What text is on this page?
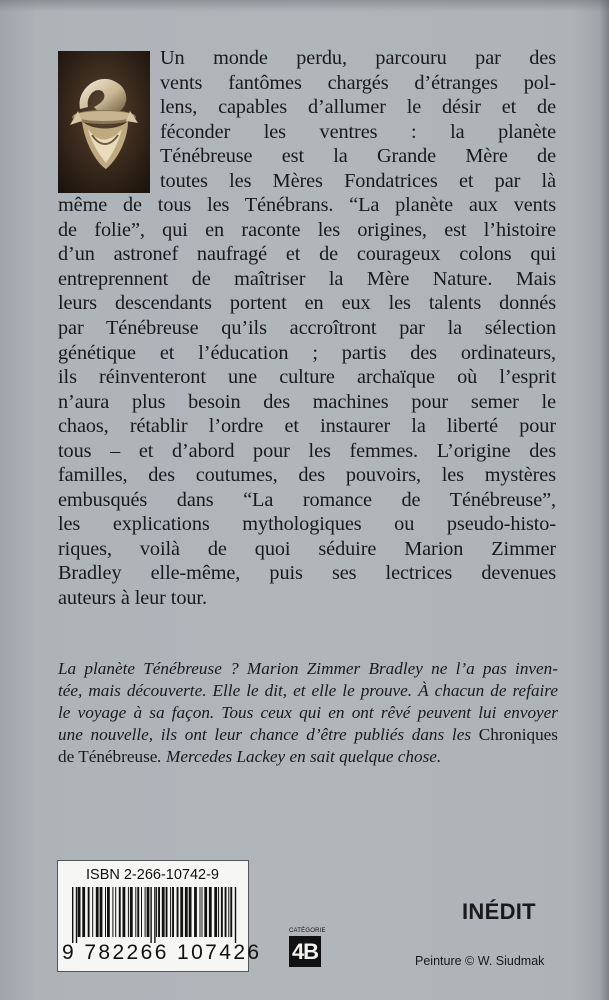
Un monde perdu, parcouru par des
vents fantômes chargés d’étranges pol-
lens, capables d’allumer le désir et de
féconder les ventres : la planète
Ténébreuse est la Grande Mère de
toutes les Mères Fondatrices et par là
même de tous les Ténébrans. “La planète aux vents
de folie”, qui en raconte les origines, est l’histoire
d’un astronef naufragé et de courageux colons qui
entreprennent de maîtriser la Mère Nature. Mais
leurs descendants portent en eux les talents donnés
par Ténébreuse qu’ils accroîtront par la sélection
génétique et l’éducation ; partis des ordinateurs,
ils réinventeront une culture archaïque où l’esprit
n’aura plus besoin des machines pour semer le
chaos, rétablir l’ordre et instaurer la liberté pour
tous – et d’abord pour les femmes. L’origine des
familles, des coutumes, des pouvoirs, les mystères
embusqués dans “La romance de Ténébreuse”,
les explications mythologiques ou pseudo-histo-
riques, voilà de quoi séduire Marion Zimmer
Bradley elle-même, puis ses lectrices devenues
auteurs à leur tour.
La planète Ténébreuse ? Marion Zimmer Bradley ne l’a pas inven-
tée, mais découverte. Elle le dit, et elle le prouve. À chacun de refaire
le voyage à sa façon. Tous ceux qui en ont rêvé peuvent lui envoyer
une nouvelle, ils ont leur chance d’être publiés dans les Chroniques
de Ténébreuse. Mercedes Lackey en sait quelque chose.
ISBN 2-266-10742-9
9 782266 107426
CATÉGORIE
4B
INÉDIT
Peinture © W. Siudmak
